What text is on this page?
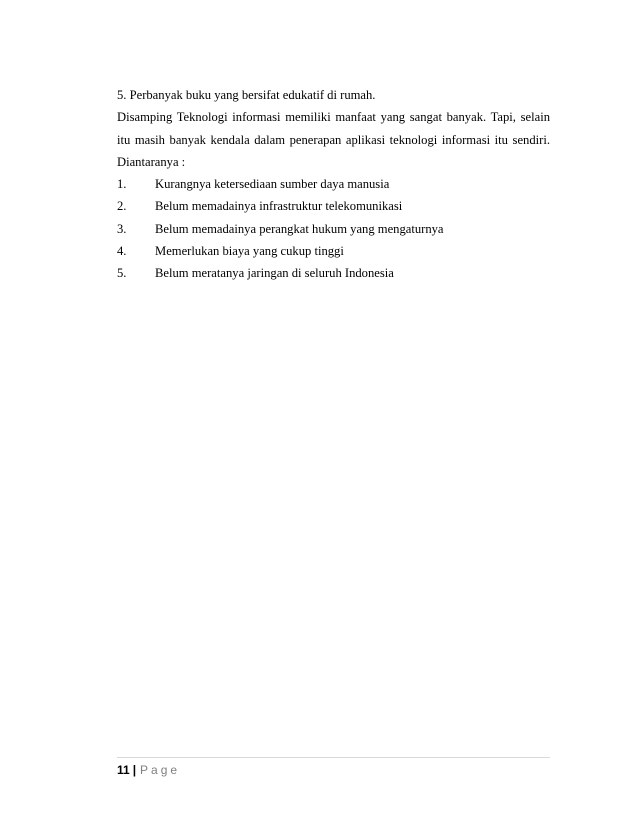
5. Perbanyak buku yang bersifat edukatif di rumah.
Disamping Teknologi informasi memiliki manfaat yang sangat banyak. Tapi, selain
itu masih banyak kendala dalam penerapan aplikasi teknologi informasi itu sendiri.
Diantaranya :
1.	Kurangnya ketersediaan sumber daya manusia
2.	Belum memadainya infrastruktur telekomunikasi
3.	Belum memadainya perangkat hukum yang mengaturnya
4.	Memerlukan biaya yang cukup tinggi
5.	Belum meratanya jaringan di seluruh Indonesia
11 | Page
